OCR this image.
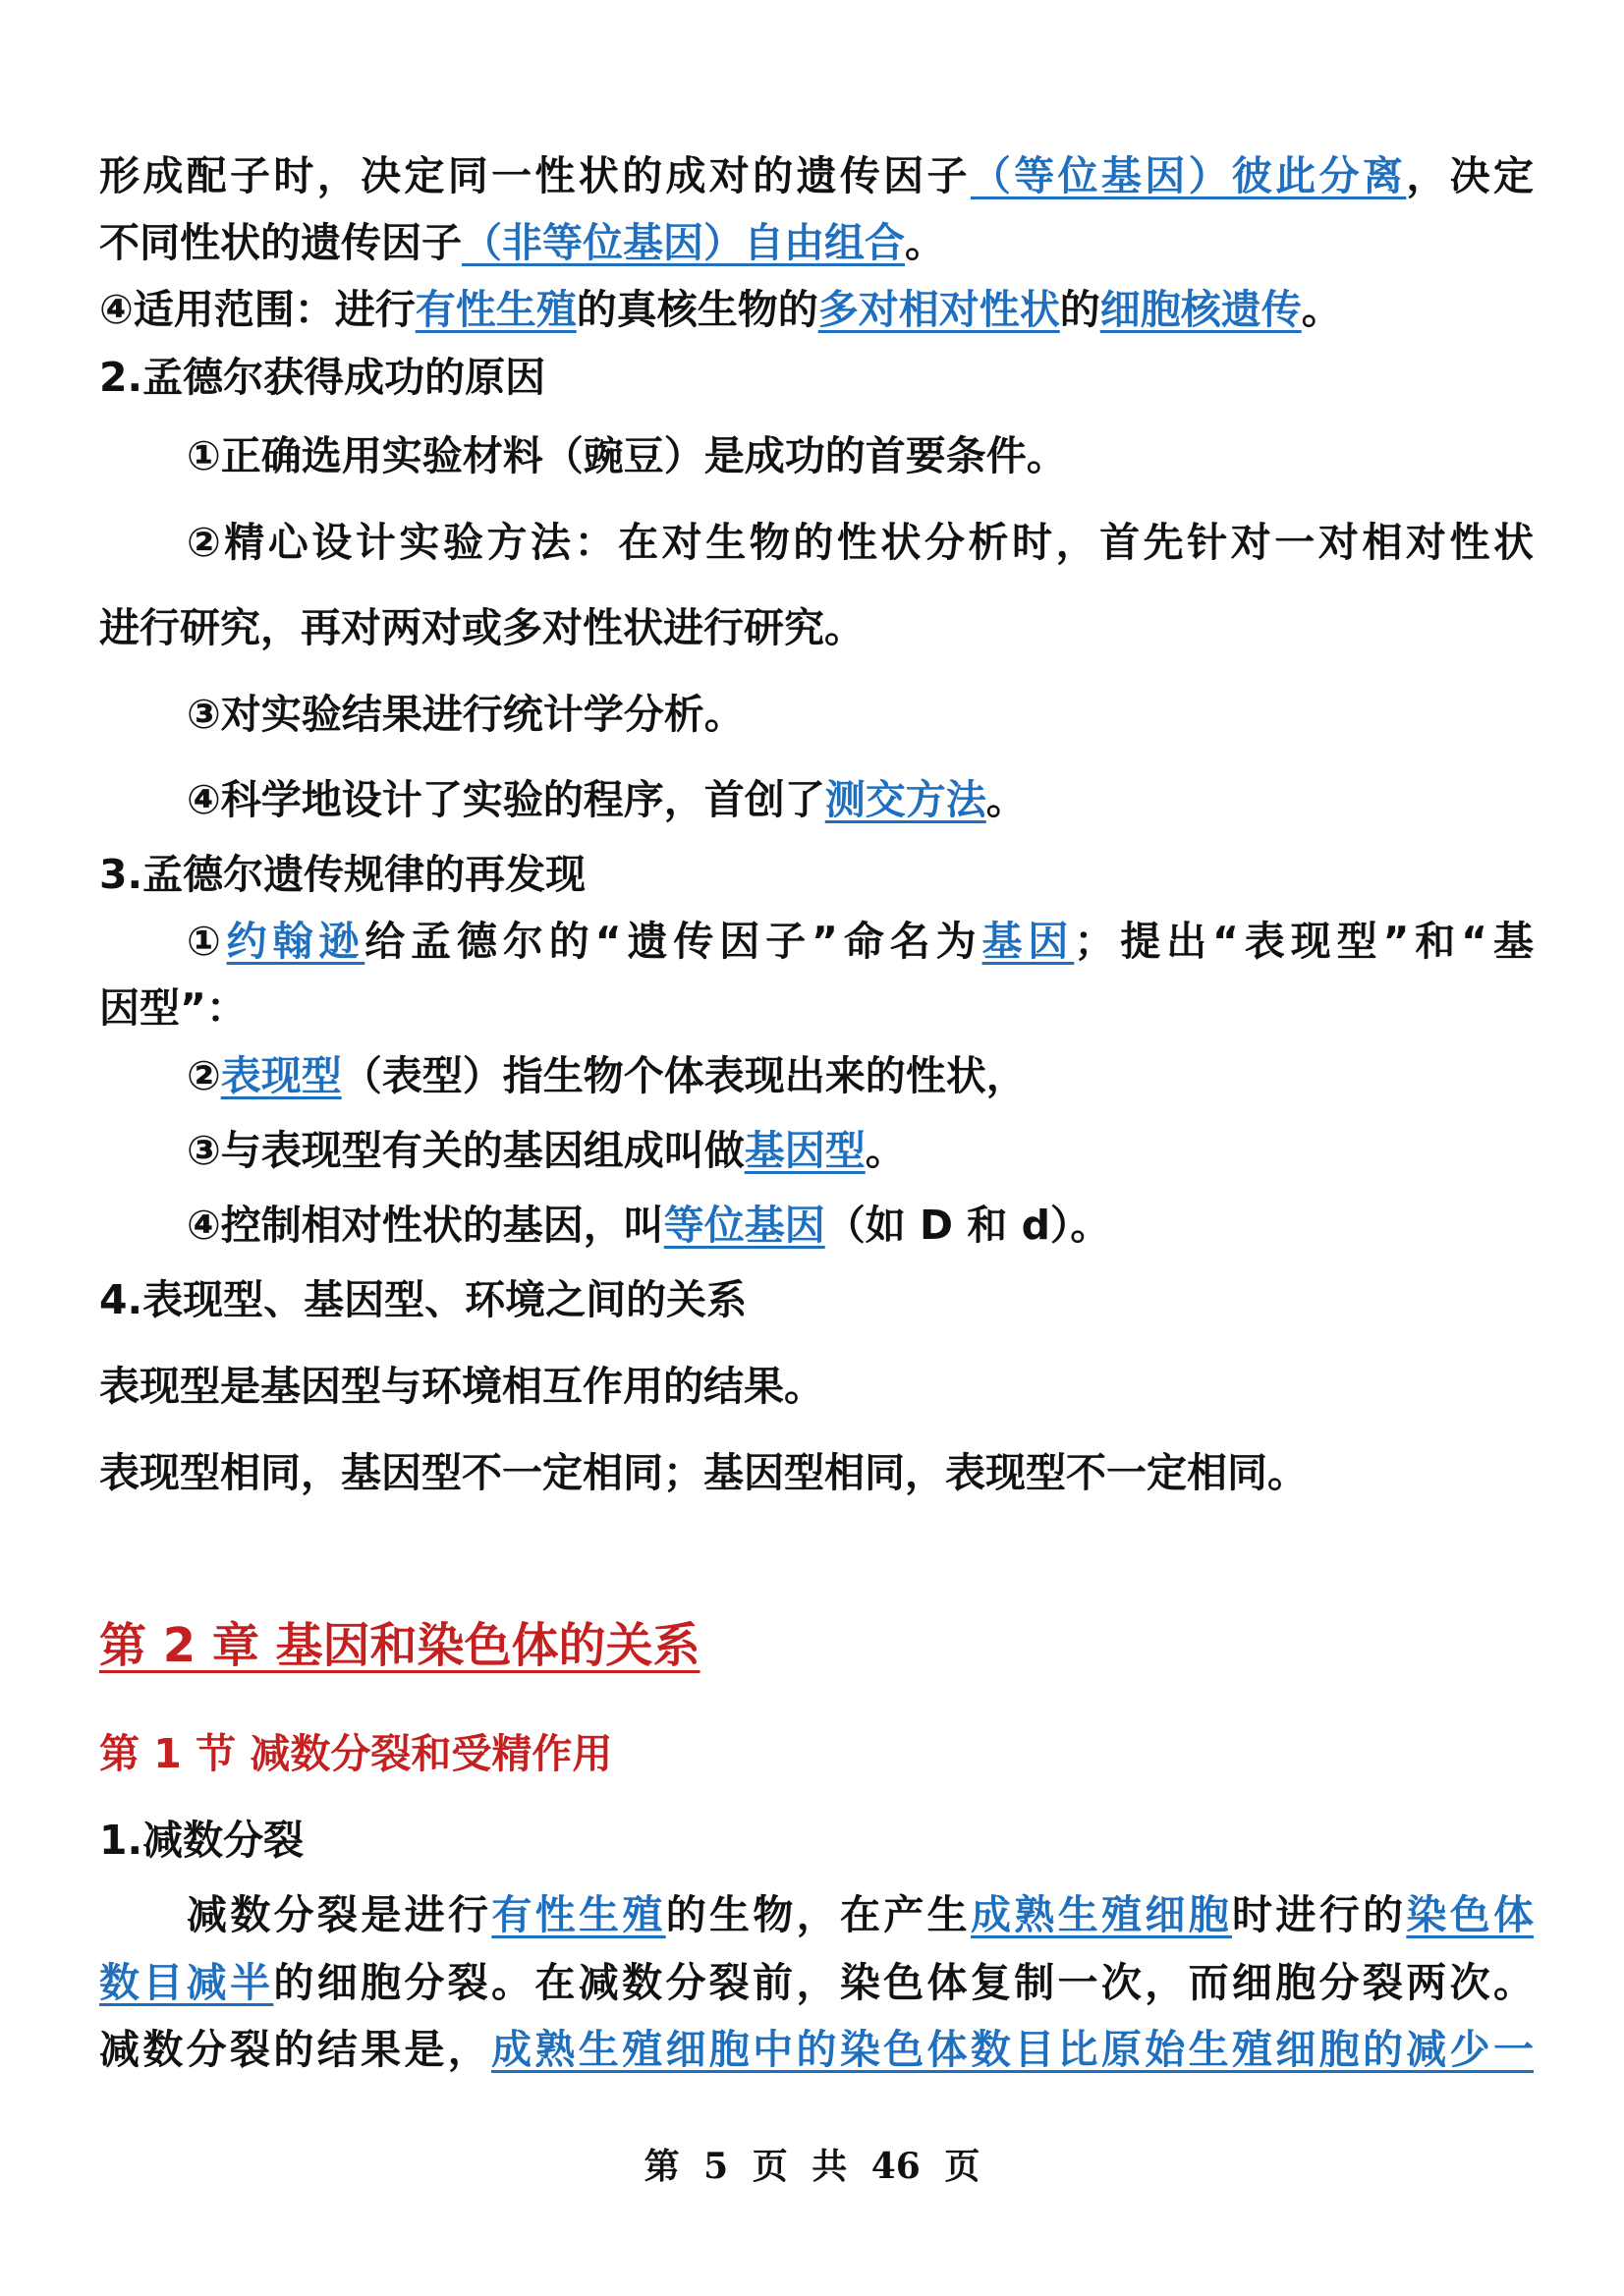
形成配子时，决定同一性状的成对的遗传因子（等位基因）彼此分离，决定

不同性状的遗传因子（非等位基因）自由组合。

④适用范围：进行有性生殖的真核生物的多对相对性状的细胞核遗传。

2.孟德尔获得成功的原因

①正确选用实验材料（豌豆）是成功的首要条件。

②精心设计实验方法：在对生物的性状分析时，首先针对一对相对性状

进行研究，再对两对或多对性状进行研究。

③对实验结果进行统计学分析。

④科学地设计了实验的程序，首创了测交方法。

3.孟德尔遗传规律的再发现

①约翰逊给孟德尔的“遗传因子”命名为基因；提出“表现型”和“基

因型”：

②表现型（表型）指生物个体表现出来的性状，

③与表现型有关的基因组成叫做基因型。

④控制相对性状的基因，叫等位基因（如 D 和 d）。

4.表现型、基因型、环境之间的关系

表现型是基因型与环境相互作用的结果。

表现型相同，基因型不一定相同；基因型相同，表现型不一定相同。

第 2 章 基因和染色体的关系
第 1 节 减数分裂和受精作用

1.减数分裂

减数分裂是进行有性生殖的生物，在产生成熟生殖细胞时进行的染色体

数目减半的细胞分裂。在减数分裂前，染色体复制一次，而细胞分裂两次。

减数分裂的结果是，成熟生殖细胞中的染色体数目比原始生殖细胞的减少一

第 5 页 共 46 页
